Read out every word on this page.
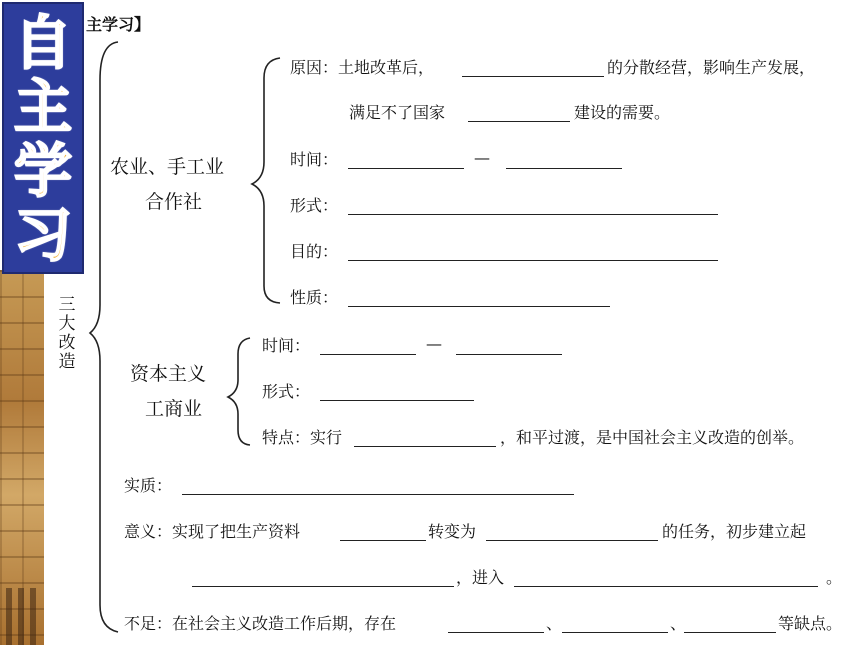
自
主
学
习
主学习】
三
大
改
造
农业、手工业
合作社
原因：土地改革后，	的分散经营，影响生产发展，
满足不了国家	建设的需要。
时间：	—
形式：
目的：
性质：
资本主义
工商业
时间：	—
形式：
特点：实行	，和平过渡，是中国社会主义改造的创举。
实质：
意义：实现了把生产资料	转变为	的任务，初步建立起
，进入	。
不足：在社会主义改造工作后期，存在	、	、	等缺点。
